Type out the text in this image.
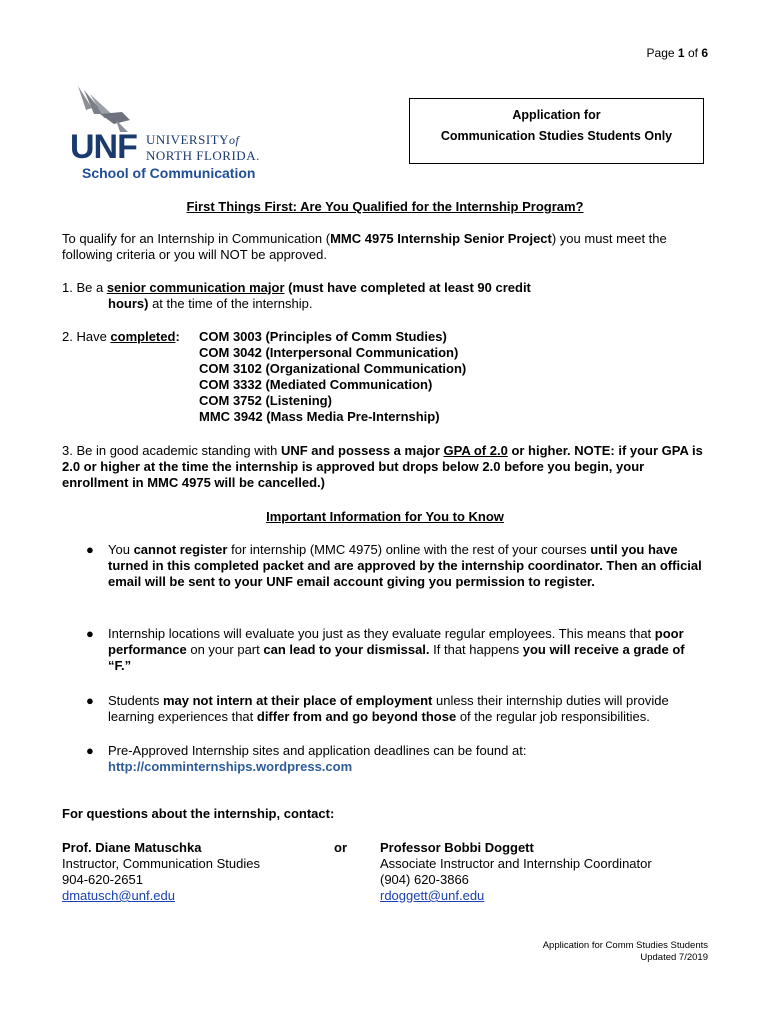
Page 1 of 6
UNF UNIVERSITYof
NORTH FLORIDA.
School of Communication
Application for
Communication Studies Students Only
First Things First: Are You Qualified for the Internship Program?
To qualify for an Internship in Communication (MMC 4975 Internship Senior Project) you must meet the following criteria or you will NOT be approved.
1. Be a senior communication major (must have completed at least 90 credit
hours) at the time of the internship.
2. Have completed:	COM 3003 (Principles of Comm Studies)
COM 3042 (Interpersonal Communication)
COM 3102 (Organizational Communication)
COM 3332 (Mediated Communication)
COM 3752 (Listening)
MMC 3942 (Mass Media Pre-Internship)
3. Be in good academic standing with UNF and possess a major GPA of 2.0 or higher. NOTE: if your GPA is 2.0 or higher at the time the internship is approved but drops below 2.0 before you begin, your enrollment in MMC 4975 will be cancelled.)
Important Information for You to Know
● You cannot register for internship (MMC 4975) online with the rest of your courses until you have turned in this completed packet and are approved by the internship coordinator. Then an official email will be sent to your UNF email account giving you permission to register.
● Internship locations will evaluate you just as they evaluate regular employees. This means that poor performance on your part can lead to your dismissal. If that happens you will receive a grade of “F.”
● Students may not intern at their place of employment unless their internship duties will provide learning experiences that differ from and go beyond those of the regular job responsibilities.
● Pre-Approved Internship sites and application deadlines can be found at:
http://comminternships.wordpress.com
For questions about the internship, contact:
Prof. Diane Matuschka
Instructor, Communication Studies
904-620-2651
dmatusch@unf.edu
or	Professor Bobbi Doggett
Associate Instructor and Internship Coordinator
(904) 620-3866
rdoggett@unf.edu
Application for Comm Studies Students
Updated 7/2019
